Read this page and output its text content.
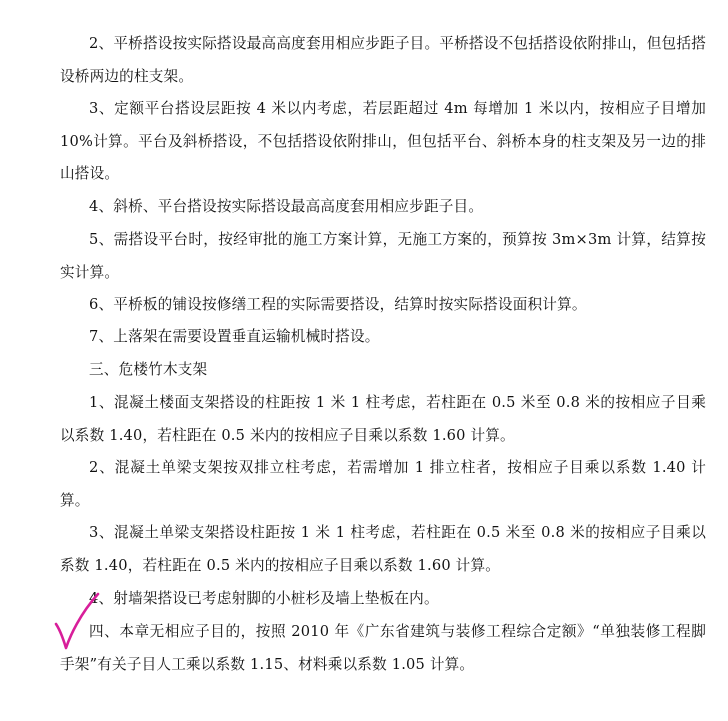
2、平桥搭设按实际搭设最高高度套用相应步距子目。平桥搭设不包括搭设依附排山，但包括搭设桥两边的柱支架。

3、定额平台搭设层距按 4 米以内考虑，若层距超过 4m 每增加 1 米以内，按相应子目增加 10%计算。平台及斜桥搭设，不包括搭设依附排山，但包括平台、斜桥本身的柱支架及另一边的排山搭设。

4、斜桥、平台搭设按实际搭设最高高度套用相应步距子目。

5、需搭设平台时，按经审批的施工方案计算，无施工方案的，预算按 3m×3m 计算，结算按实计算。

6、平桥板的铺设按修缮工程的实际需要搭设，结算时按实际搭设面积计算。

7、上落架在需要设置垂直运输机械时搭设。

三、危楼竹木支架

1、混凝土楼面支架搭设的柱距按 1 米 1 柱考虑，若柱距在 0.5 米至 0.8 米的按相应子目乘以系数 1.40，若柱距在 0.5 米内的按相应子目乘以系数 1.60 计算。

2、混凝土单梁支架按双排立柱考虑，若需增加 1 排立柱者，按相应子目乘以系数 1.40 计算。

3、混凝土单梁支架搭设柱距按 1 米 1 柱考虑，若柱距在 0.5 米至 0.8 米的按相应子目乘以系数 1.40，若柱距在 0.5 米内的按相应子目乘以系数 1.60 计算。

4、射墙架搭设已考虑射脚的小桩杉及墙上垫板在内。

四、本章无相应子目的，按照 2010 年《广东省建筑与装修工程综合定额》“单独装修工程脚手架”有关子目人工乘以系数 1.15、材料乘以系数 1.05 计算。
